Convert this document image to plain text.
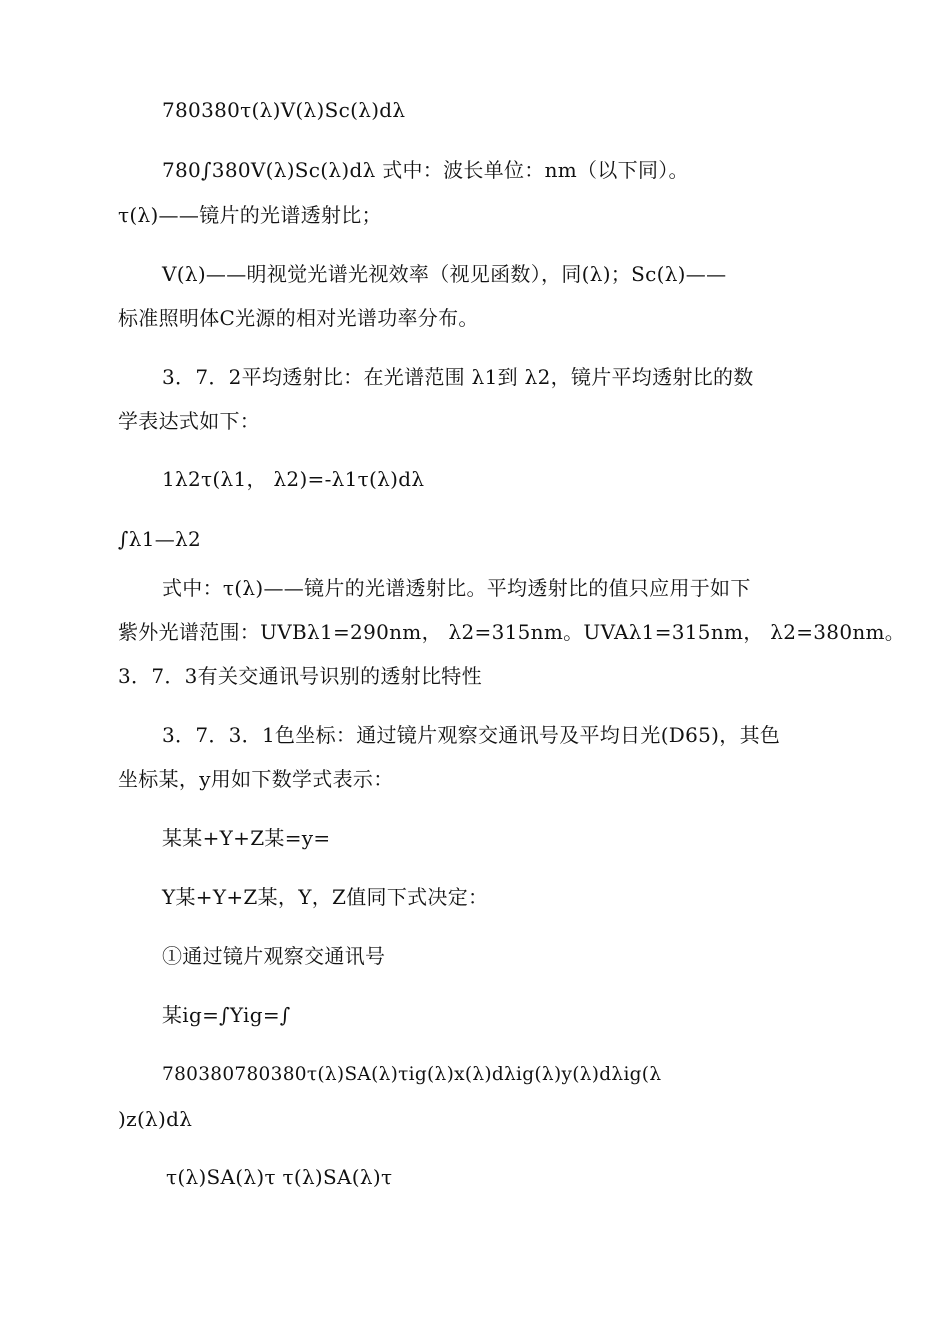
780380τ(λ)V(λ)Sc(λ)dλ
780∫380V(λ)Sc(λ)dλ 式中：波长单位：nm（以下同）。
τ(λ)——镜片的光谱透射比；
V(λ)——明视觉光谱光视效率（视见函数），同(λ)；Sc(λ)——
标准照明体C光源的相对光谱功率分布。
3．7．2平均透射比：在光谱范围 λ1到 λ2，镜片平均透射比的数
学表达式如下：
1λ2τ(λ1， λ2)=-λ1τ(λ)dλ
∫λ1—λ2
式中：τ(λ)——镜片的光谱透射比。平均透射比的值只应用于如下
紫外光谱范围：UVBλ1=290nm， λ2=315nm。UVAλ1=315nm， λ2=380nm。
3．7．3有关交通讯号识别的透射比特性
3．7．3．1色坐标：通过镜片观察交通讯号及平均日光(D65)，其色
坐标某，y用如下数学式表示：
某某+Y+Z某=y=
Y某+Y+Z某，Y，Z值同下式决定：
①通过镜片观察交通讯号
某ig=∫Yig=∫
780380780380τ(λ)SA(λ)τig(λ)x(λ)dλig(λ)y(λ)dλig(λ
)z(λ)dλ
τ(λ)SA(λ)τ τ(λ)SA(λ)τ
